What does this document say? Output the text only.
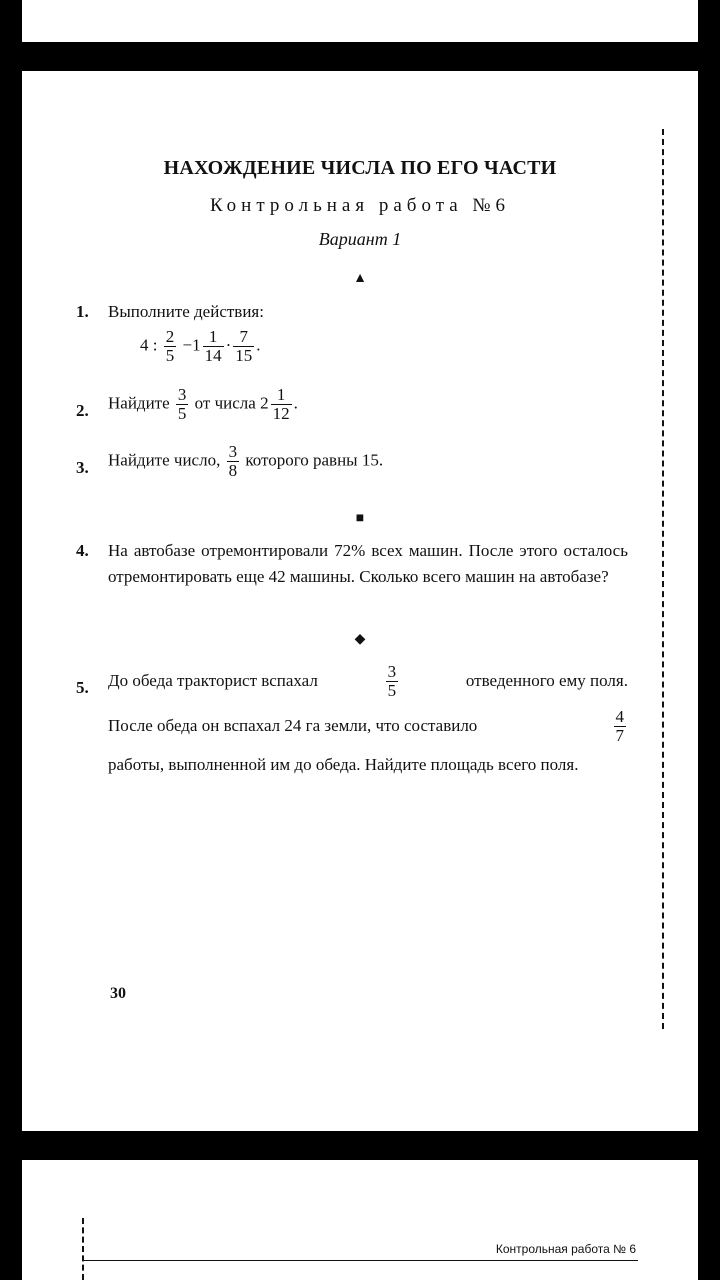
НАХОЖДЕНИЕ ЧИСЛА ПО ЕГО ЧАСТИ
Контрольная работа №6
Вариант 1
▲
1. Выполните действия:
4 : $\frac{2}{5} -1 \frac{1}{14} \cdot \frac{7}{15}$ .
2. Найдите $\frac{3}{5}$ от числа $2 \frac{1}{12}$ .
3. Найдите число, $\frac{3}{8}$ которого равны 15.
■
4. На автобазе отремонтировали 72% всех машин. После этого осталось отремонтировать еще 42 машины. Сколько всего машин на автобазе?
◆
5. До обеда тракторист вспахал	$\frac{3}{5}$	отведенного ему поля.
После обеда он вспахал 24 га земли, что составило	$\frac{4}{7}$
работы, выполненной им до обеда. Найдите площадь всего поля.
30
Контрольная работа № 6
